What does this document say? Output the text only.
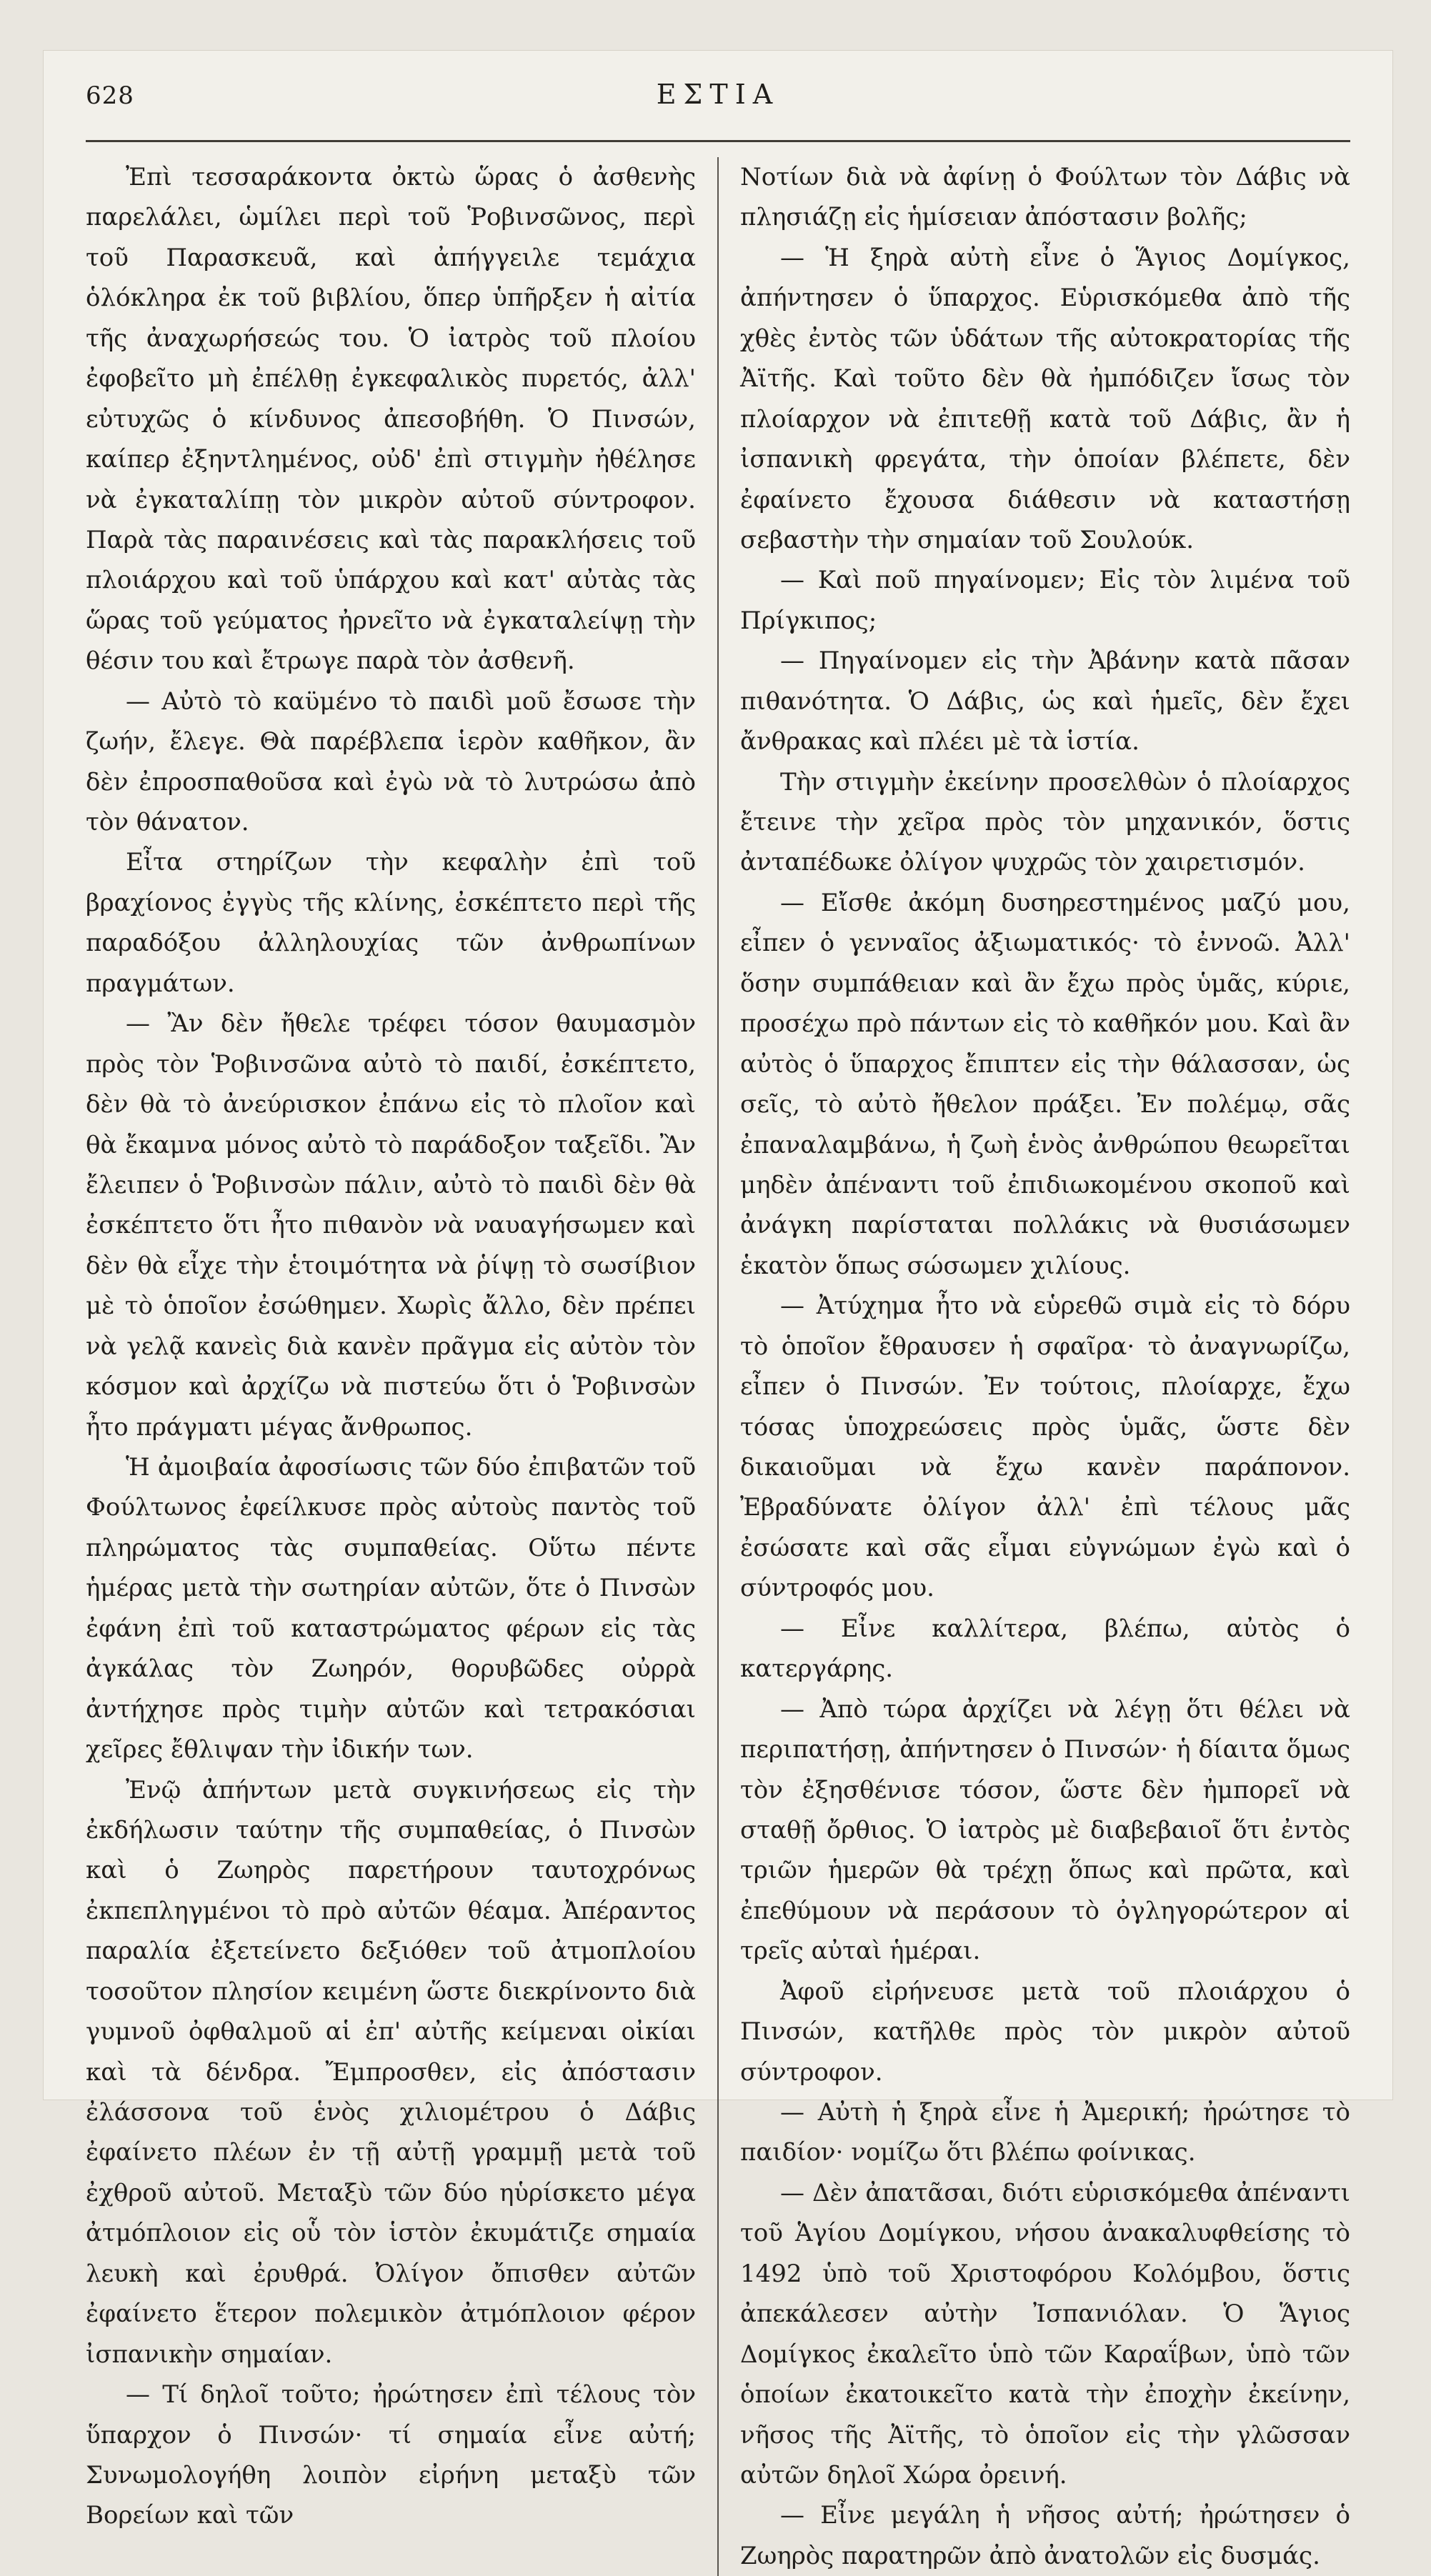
628	ΕΣΤΙΑ

Ἐπὶ τεσσαράκοντα ὀκτὼ ὥρας ὁ ἀσθενὴς παρελάλει, ὡμίλει περὶ τοῦ Ῥοβινσῶνος, περὶ τοῦ Παρασκευᾶ, καὶ ἀπήγγειλε τεμάχια ὁλόκληρα ἐκ τοῦ βιβλίου, ὅπερ ὑπῆρξεν ἡ αἰτία τῆς ἀναχωρήσεώς του. Ὁ ἰατρὸς τοῦ πλοίου ἐφοβεῖτο μὴ ἐπέλθῃ ἐγκεφαλικὸς πυρετός, ἀλλ' εὐτυχῶς ὁ κίνδυνος ἀπεσοβήθη. Ὁ Πινσών, καίπερ ἐξηντλημένος, οὐδ' ἐπὶ στιγμὴν ἠθέλησε νὰ ἐγκαταλίπῃ τὸν μικρὸν αὐτοῦ σύντροφον. Παρὰ τὰς παραινέσεις καὶ τὰς παρακλήσεις τοῦ πλοιάρχου καὶ τοῦ ὑπάρχου καὶ κατ' αὐτὰς τὰς ὥρας τοῦ γεύματος ἠρνεῖτο νὰ ἐγκαταλείψῃ τὴν θέσιν του καὶ ἔτρωγε παρὰ τὸν ἀσθενῆ.

— Αὐτὸ τὸ καϋμένο τὸ παιδὶ μοῦ ἔσωσε τὴν ζωήν, ἔλεγε. Θὰ παρέβλεπα ἱερὸν καθῆκον, ἂν δὲν ἐπροσπαθοῦσα καὶ ἐγὼ νὰ τὸ λυτρώσω ἀπὸ τὸν θάνατον.

Εἶτα στηρίζων τὴν κεφαλὴν ἐπὶ τοῦ βραχίονος ἐγγὺς τῆς κλίνης, ἐσκέπτετο περὶ τῆς παραδόξου ἀλληλουχίας τῶν ἀνθρωπίνων πραγμάτων.

— Ἂν δὲν ἤθελε τρέφει τόσον θαυμασμὸν πρὸς τὸν Ῥοβινσῶνα αὐτὸ τὸ παιδί, ἐσκέπτετο, δὲν θὰ τὸ ἀνεύρισκον ἐπάνω εἰς τὸ πλοῖον καὶ θὰ ἔκαμνα μόνος αὐτὸ τὸ παράδοξον ταξεῖδι. Ἂν ἔλειπεν ὁ Ῥοβινσὼν πάλιν, αὐτὸ τὸ παιδὶ δὲν θὰ ἐσκέπτετο ὅτι ἦτο πιθανὸν νὰ ναυαγήσωμεν καὶ δὲν θὰ εἶχε τὴν ἑτοιμότητα νὰ ῥίψῃ τὸ σωσίβιον μὲ τὸ ὁποῖον ἐσώθημεν. Χωρὶς ἄλλο, δὲν πρέπει νὰ γελᾷ κανεὶς διὰ κανὲν πρᾶγμα εἰς αὐτὸν τὸν κόσμον καὶ ἀρχίζω νὰ πιστεύω ὅτι ὁ Ῥοβινσὼν ἦτο πράγματι μέγας ἄνθρωπος.

Ἡ ἀμοιβαία ἀφοσίωσις τῶν δύο ἐπιβατῶν τοῦ Φούλτωνος ἐφείλκυσε πρὸς αὐτοὺς παντὸς τοῦ πληρώματος τὰς συμπαθείας. Οὕτω πέντε ἡμέρας μετὰ τὴν σωτηρίαν αὐτῶν, ὅτε ὁ Πινσὼν ἐφάνη ἐπὶ τοῦ καταστρώματος φέρων εἰς τὰς ἀγκάλας τὸν Ζωηρόν, θορυβῶδες οὐρρὰ ἀντήχησε πρὸς τιμὴν αὐτῶν καὶ τετρακόσιαι χεῖρες ἔθλιψαν τὴν ἰδικήν των.

Ἐνῷ ἀπήντων μετὰ συγκινήσεως εἰς τὴν ἐκδήλωσιν ταύτην τῆς συμπαθείας, ὁ Πινσὼν καὶ ὁ Ζωηρὸς παρετήρουν ταυτοχρόνως ἐκπεπληγμένοι τὸ πρὸ αὐτῶν θέαμα. Ἀπέραντος παραλία ἐξετείνετο δεξιόθεν τοῦ ἀτμοπλοίου τοσοῦτον πλησίον κειμένη ὥστε διεκρίνοντο διὰ γυμνοῦ ὀφθαλμοῦ αἱ ἐπ' αὐτῆς κείμεναι οἰκίαι καὶ τὰ δένδρα. Ἔμπροσθεν, εἰς ἀπόστασιν ἐλάσσονα τοῦ ἑνὸς χιλιομέτρου ὁ Δάβις ἐφαίνετο πλέων ἐν τῇ αὐτῇ γραμμῇ μετὰ τοῦ ἐχθροῦ αὐτοῦ. Μεταξὺ τῶν δύο ηὑρίσκετο μέγα ἀτμόπλοιον εἰς οὗ τὸν ἱστὸν ἐκυμάτιζε σημαία λευκὴ καὶ ἐρυθρά. Ὀλίγον ὄπισθεν αὐτῶν ἐφαίνετο ἕτερον πολεμικὸν ἀτμόπλοιον φέρον ἰσπανικὴν σημαίαν.

— Τί δηλοῖ τοῦτο; ἠρώτησεν ἐπὶ τέλους τὸν ὕπαρχον ὁ Πινσών· τί σημαία εἶνε αὐτή; Συνωμολογήθη λοιπὸν εἰρήνη μεταξὺ τῶν Βορείων καὶ τῶν

Νοτίων διὰ νὰ ἀφίνῃ ὁ Φούλτων τὸν Δάβις νὰ πλησιάζῃ εἰς ἡμίσειαν ἀπόστασιν βολῆς;

— Ἡ ξηρὰ αὐτὴ εἶνε ὁ Ἅγιος Δομίγκος, ἀπήντησεν ὁ ὕπαρχος. Εὑρισκόμεθα ἀπὸ τῆς χθὲς ἐντὸς τῶν ὑδάτων τῆς αὐτοκρατορίας τῆς Ἀϊτῆς. Καὶ τοῦτο δὲν θὰ ἠμπόδιζεν ἴσως τὸν πλοίαρχον νὰ ἐπιτεθῇ κατὰ τοῦ Δάβις, ἂν ἡ ἰσπανικὴ φρεγάτα, τὴν ὁποίαν βλέπετε, δὲν ἐφαίνετο ἔχουσα διάθεσιν νὰ καταστήσῃ σεβαστὴν τὴν σημαίαν τοῦ Σουλούκ.

— Καὶ ποῦ πηγαίνομεν; Εἰς τὸν λιμένα τοῦ Πρίγκιπος;

— Πηγαίνομεν εἰς τὴν Ἀβάνην κατὰ πᾶσαν πιθανότητα. Ὁ Δάβις, ὡς καὶ ἡμεῖς, δὲν ἔχει ἄνθρακας καὶ πλέει μὲ τὰ ἱστία.

Τὴν στιγμὴν ἐκείνην προσελθὼν ὁ πλοίαρχος ἔτεινε τὴν χεῖρα πρὸς τὸν μηχανικόν, ὅστις ἀνταπέδωκε ὀλίγον ψυχρῶς τὸν χαιρετισμόν.

— Εἴσθε ἀκόμη δυσηρεστημένος μαζύ μου, εἶπεν ὁ γενναῖος ἀξιωματικός· τὸ ἐννοῶ. Ἀλλ' ὅσην συμπάθειαν καὶ ἂν ἔχω πρὸς ὑμᾶς, κύριε, προσέχω πρὸ πάντων εἰς τὸ καθῆκόν μου. Καὶ ἂν αὐτὸς ὁ ὕπαρχος ἔπιπτεν εἰς τὴν θάλασσαν, ὡς σεῖς, τὸ αὐτὸ ἤθελον πράξει. Ἐν πολέμῳ, σᾶς ἐπαναλαμβάνω, ἡ ζωὴ ἑνὸς ἀνθρώπου θεωρεῖται μηδὲν ἀπέναντι τοῦ ἐπιδιωκομένου σκοποῦ καὶ ἀνάγκη παρίσταται πολλάκις νὰ θυσιάσωμεν ἑκατὸν ὅπως σώσωμεν χιλίους.

— Ἀτύχημα ἦτο νὰ εὑρεθῶ σιμὰ εἰς τὸ δόρυ τὸ ὁποῖον ἔθραυσεν ἡ σφαῖρα· τὸ ἀναγνωρίζω, εἶπεν ὁ Πινσών. Ἐν τούτοις, πλοίαρχε, ἔχω τόσας ὑποχρεώσεις πρὸς ὑμᾶς, ὥστε δὲν δικαιοῦμαι νὰ ἔχω κανὲν παράπονον. Ἐβραδύνατε ὀλίγον ἀλλ' ἐπὶ τέλους μᾶς ἐσώσατε καὶ σᾶς εἶμαι εὐγνώμων ἐγὼ καὶ ὁ σύντροφός μου.

— Εἶνε καλλίτερα, βλέπω, αὐτὸς ὁ κατεργάρης.

— Ἀπὸ τώρα ἀρχίζει νὰ λέγῃ ὅτι θέλει νὰ περιπατήσῃ, ἀπήντησεν ὁ Πινσών· ἡ δίαιτα ὅμως τὸν ἐξησθένισε τόσον, ὥστε δὲν ἠμπορεῖ νὰ σταθῇ ὄρθιος. Ὁ ἰατρὸς μὲ διαβεβαιοῖ ὅτι ἐντὸς τριῶν ἡμερῶν θὰ τρέχῃ ὅπως καὶ πρῶτα, καὶ ἐπεθύμουν νὰ περάσουν τὸ ὀγληγορώτερον αἱ τρεῖς αὐταὶ ἡμέραι.

Ἀφοῦ εἰρήνευσε μετὰ τοῦ πλοιάρχου ὁ Πινσών, κατῆλθε πρὸς τὸν μικρὸν αὐτοῦ σύντροφον.

— Αὐτὴ ἡ ξηρὰ εἶνε ἡ Ἀμερική; ἠρώτησε τὸ παιδίον· νομίζω ὅτι βλέπω φοίνικας.

— Δὲν ἀπατᾶσαι, διότι εὑρισκόμεθα ἀπέναντι τοῦ Ἁγίου Δομίγκου, νήσου ἀνακαλυφθείσης τὸ 1492 ὑπὸ τοῦ Χριστοφόρου Κολόμβου, ὅστις ἀπεκάλεσεν αὐτὴν Ἰσπανιόλαν. Ὁ Ἅγιος Δομίγκος ἐκαλεῖτο ὑπὸ τῶν Καραΐβων, ὑπὸ τῶν ὁποίων ἐκατοικεῖτο κατὰ τὴν ἐποχὴν ἐκείνην, νῆσος τῆς Ἀϊτῆς, τὸ ὁποῖον εἰς τὴν γλῶσσαν αὐτῶν δηλοῖ Χώρα ὀρεινή.

— Εἶνε μεγάλη ἡ νῆσος αὐτή; ἠρώτησεν ὁ Ζωηρὸς παρατηρῶν ἀπὸ ἀνατολῶν εἰς δυσμάς.
